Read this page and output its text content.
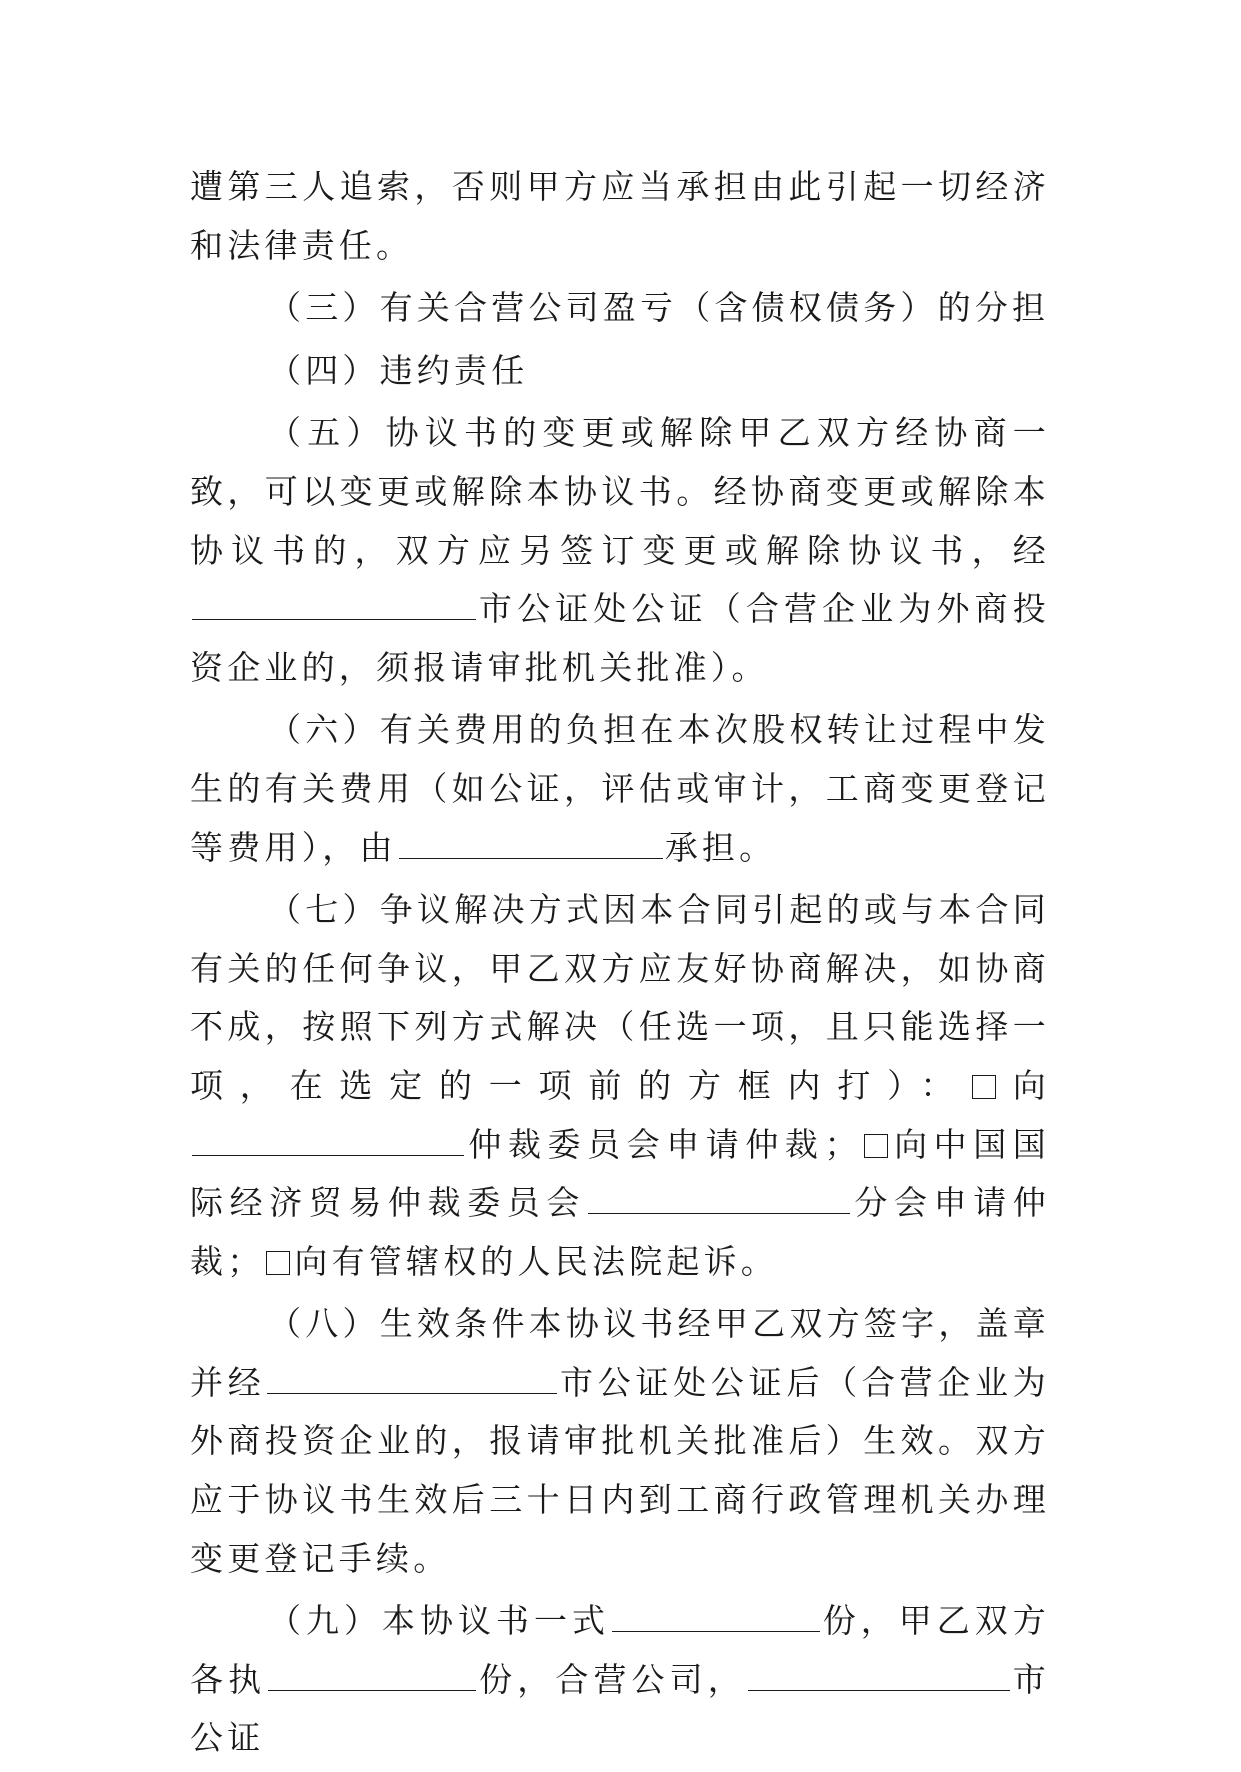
遭第三人追索，否则甲方应当承担由此引起一切经济和法律责任。

（三）有关合营公司盈亏（含债权债务）的分担

（四）违约责任

（五）协议书的变更或解除甲乙双方经协商一致，可以变更或解除本协议书。经协商变更或解除本协议书的，双方应另签订变更或解除协议书，经市公证处公证（合营企业为外商投资企业的，须报请审批机关批准）。

（六）有关费用的负担在本次股权转让过程中发生的有关费用（如公证，评估或审计，工商变更登记等费用），由	承担。

（七）争议解决方式因本合同引起的或与本合同有关的任何争议，甲乙双方应友好协商解决，如协商不成，按照下列方式解决（任选一项，且只能选择一项，在选定的一项前的方框内打）： 向仲裁委员会申请仲裁； 向中国国际经济贸易仲裁委员会	分会申请仲裁； 向有管辖权的人民法院起诉。

（八）生效条件本协议书经甲乙双方签字，盖章并经	市公证处公证后（合营企业为外商投资企业的，报请审批机关批准后）生效。双方应于协议书生效后三十日内到工商行政管理机关办理变更登记手续。

（九）本协议书一式	份，甲乙双方各执	份，合营公司，	市公证
